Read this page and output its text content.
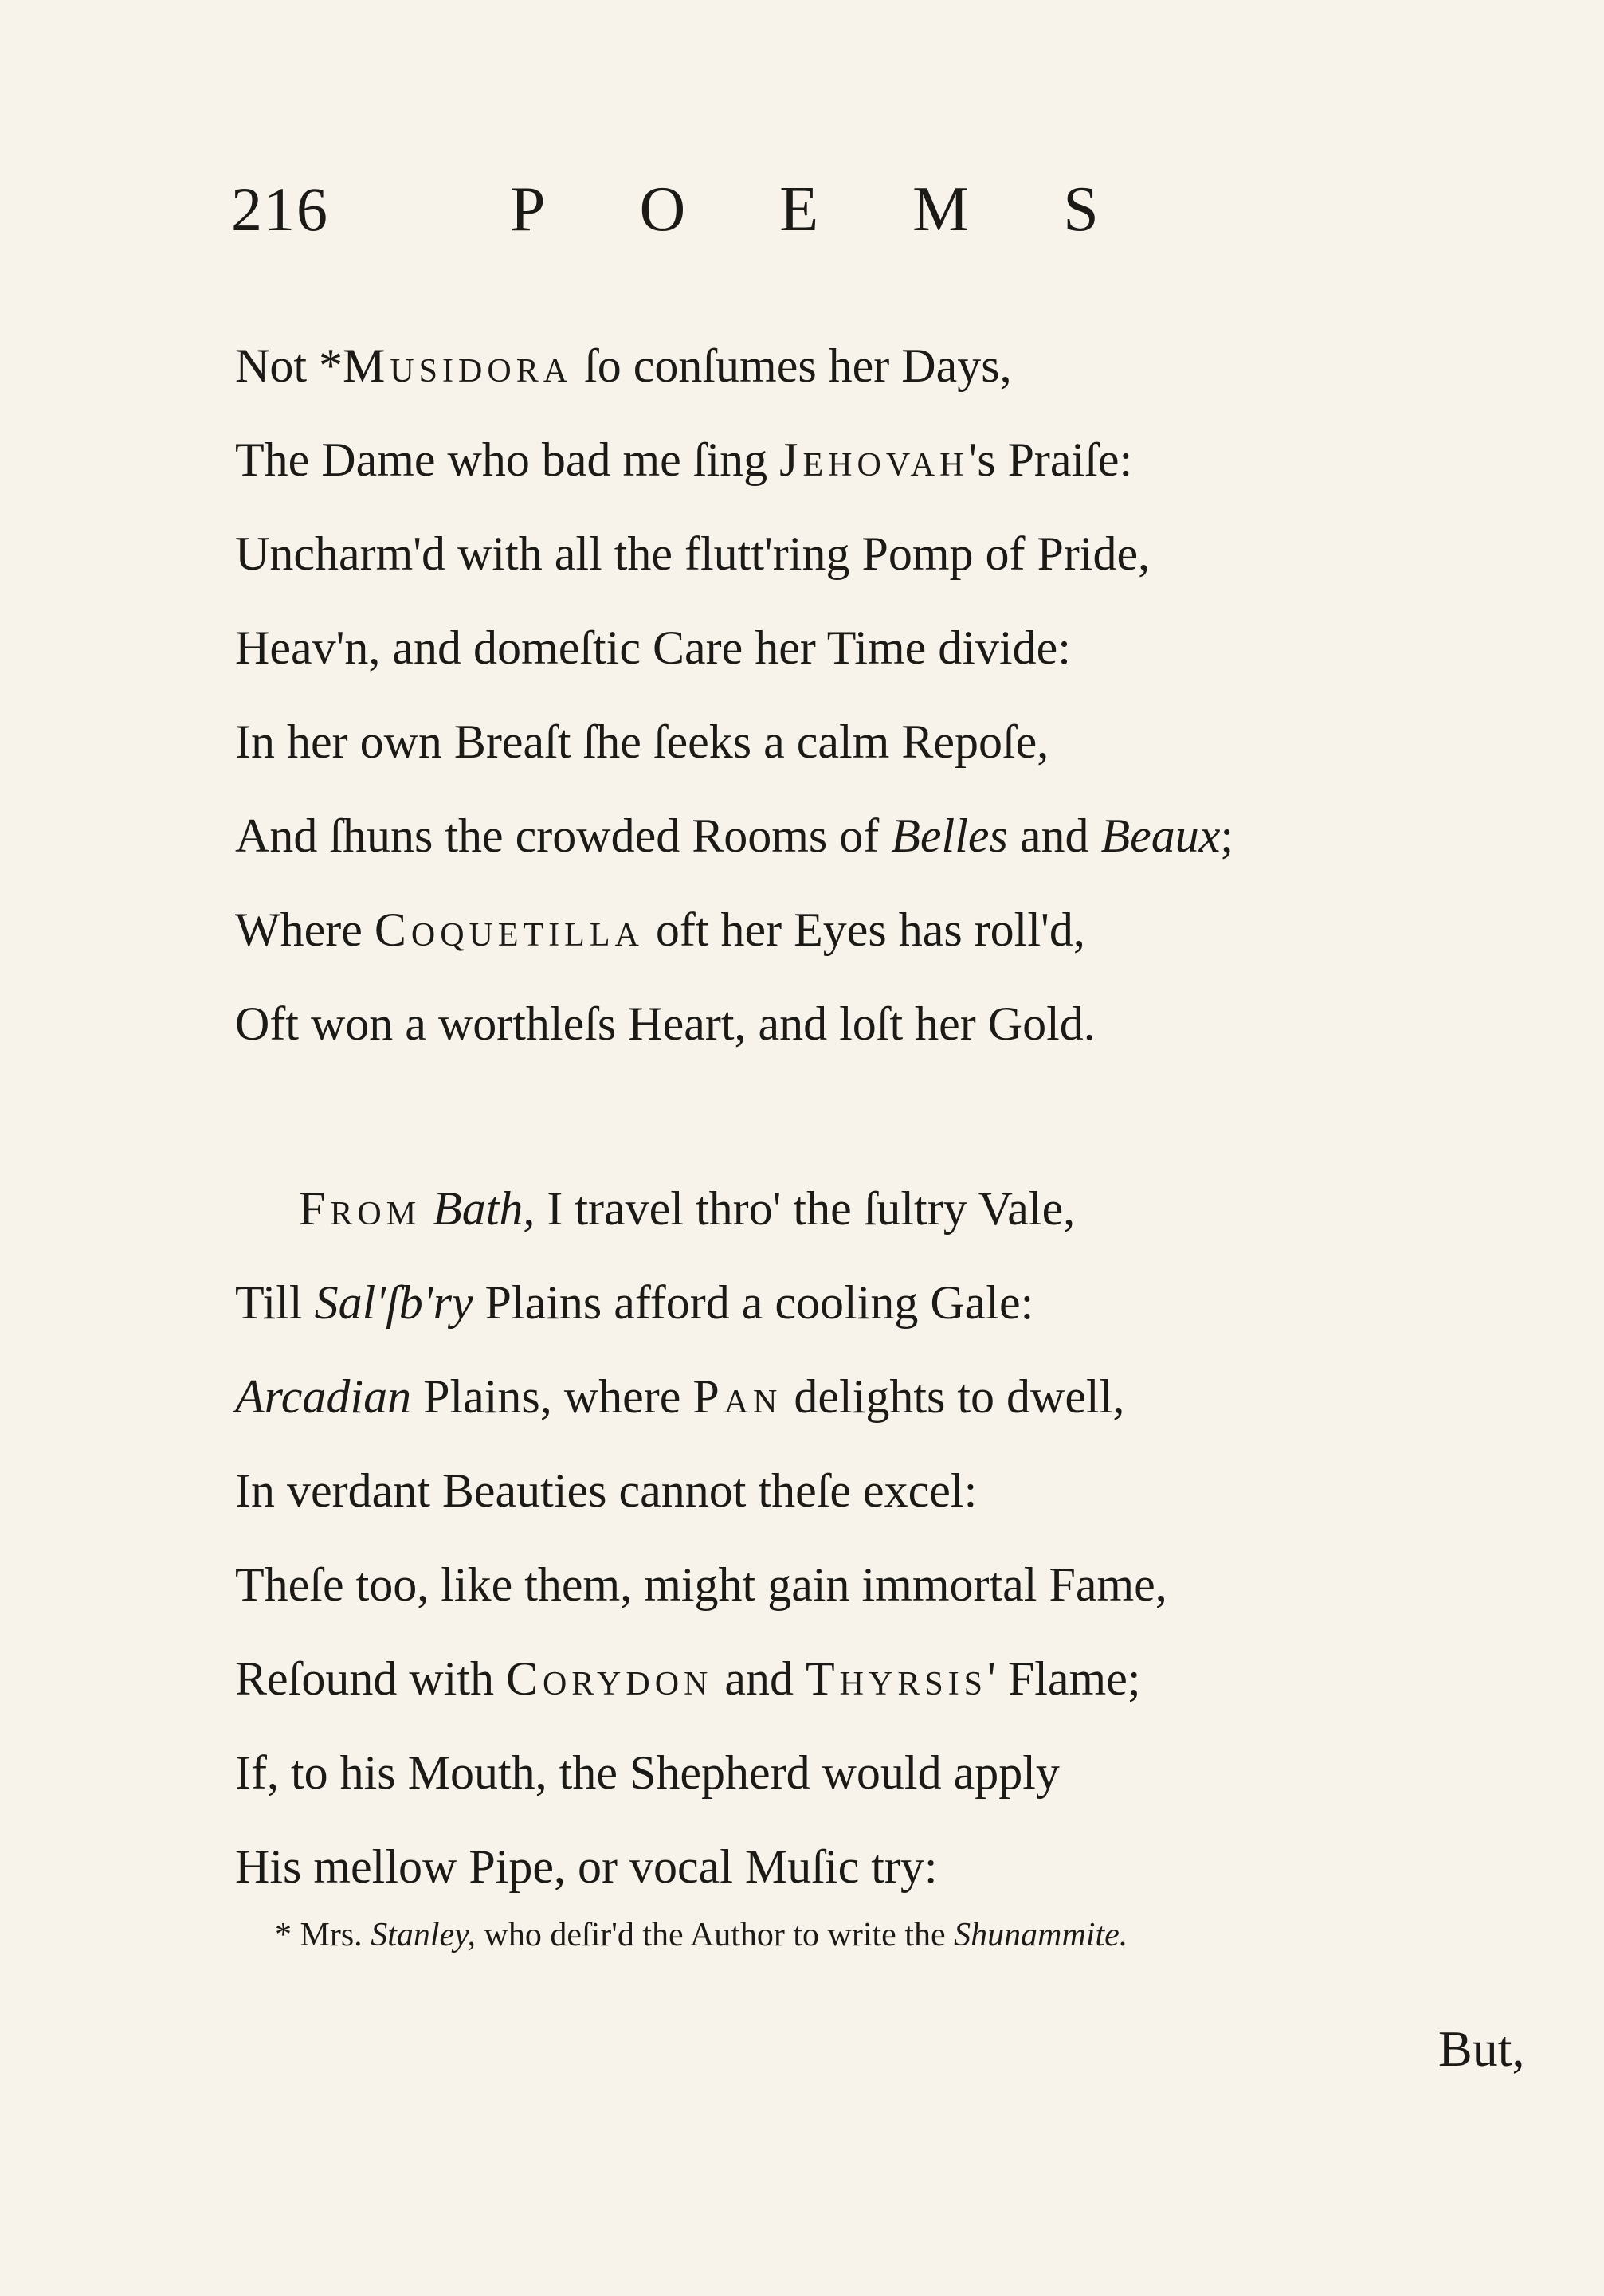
216	POEMS
Not *Musidora ſo conſumes her Days,
The Dame who bad me ſing Jehovah's Praiſe:
Uncharm'd with all the flutt'ring Pomp of Pride,
Heav'n, and domeſtic Care her Time divide:
In her own Breaſt ſhe ſeeks a calm Repoſe,
And ſhuns the crowded Rooms of Belles and Beaux;
Where Coquetilla oft her Eyes has roll'd,
Oft won a worthleſs Heart, and loſt her Gold.
From Bath, I travel thro' the ſultry Vale,
Till Sal'ſb'ry Plains afford a cooling Gale:
Arcadian Plains, where Pan delights to dwell,
In verdant Beauties cannot theſe excel:
Theſe too, like them, might gain immortal Fame,
Reſound with Corydon and Thyrsis' Flame;
If, to his Mouth, the Shepherd would apply
His mellow Pipe, or vocal Muſic try:
* Mrs. Stanley, who deſir'd the Author to write the Shunammite.
But,
